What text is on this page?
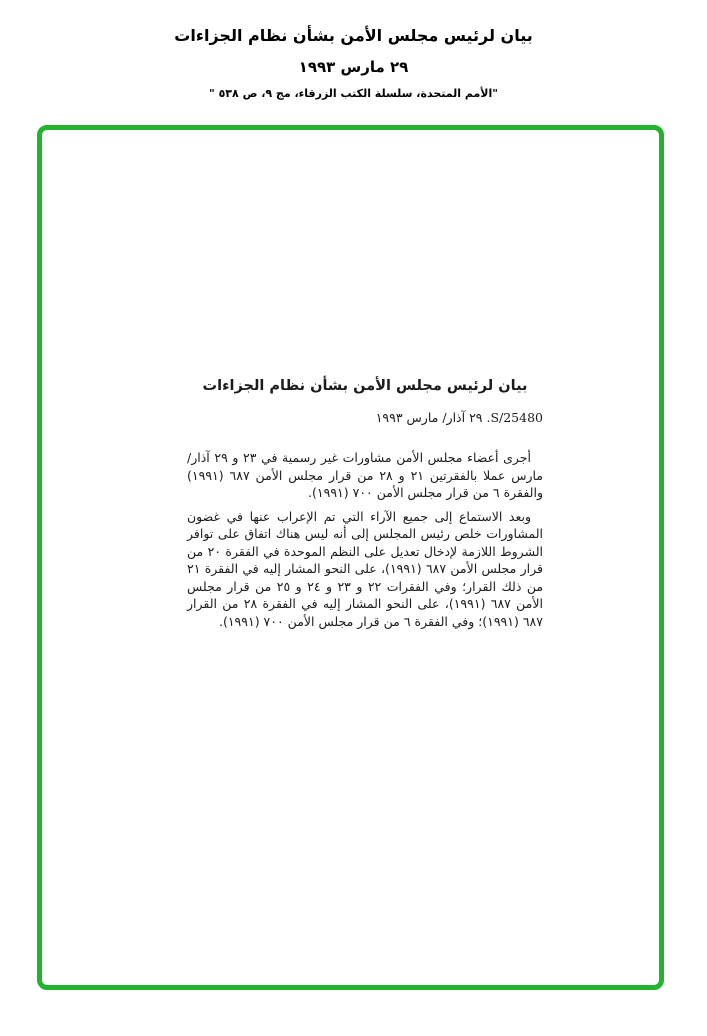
بيان لرئيس مجلس الأمن بشأن نظام الجزاءات
٢٩ مارس ١٩٩٣
"الأمم المتحدة، سلسلة الكتب الزرقاء، مج ٩، ص ٥٣٨ "
بيان لرئيس مجلس الأمن بشأن نظام الجزاءات
S/25480. ٢٩ آذار/ مارس ١٩٩٣

أجرى أعضاء مجلس الأمن مشاورات غير رسمية في ٢٣ و ٢٩ آذار/ مارس عملا بالفقرتين ٢١ و ٢٨ من قرار مجلس الأمن ٦٨٧ (١٩٩١) والفقرة ٦ من قرار مجلس الأمن ٧٠٠ (١٩٩١).

وبعد الاستماع إلى جميع الآراء التي تم الإعراب عنها في غضون المشاورات خلص رئيس المجلس إلى أنه ليس هناك اتفاق على توافر الشروط اللازمة لإدخال تعديل على النظم الموحدة في الفقرة ٢٠ من قرار مجلس الأمن ٦٨٧ (١٩٩١)، على النحو المشار إليه في الفقرة ٢١ من ذلك القرار؛ وفي الفقرات ٢٢ و ٢٣ و ٢٤ و ٢٥ من قرار مجلس الأمن ٦٨٧ (١٩٩١)، على النحو المشار إليه في الفقرة ٢٨ من القرار ٦٨٧ (١٩٩١)؛ وفي الفقرة ٦ من قرار مجلس الأمن ٧٠٠ (١٩٩١).
